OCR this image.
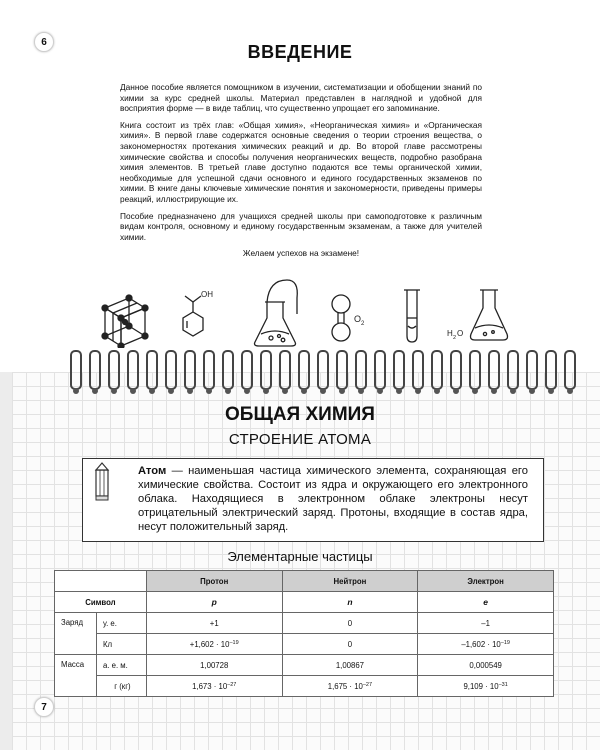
6	ВВЕДЕНИЕ

Данное пособие является помощником в изучении, систематизации и обобщении знаний по химии за курс средней школы. Материал представлен в наглядной и удобной для восприятия форме — в виде таблиц, что существенно упрощает его запоминание.

Книга состоит из трёх глав: «Общая химия», «Неорганическая химия» и «Органическая химия». В первой главе содержатся основные сведения о теории строения вещества, о закономерностях протекания химических реакций и др. Во второй главе рассмотрены химические свойства и способы получения неорганических веществ, подробно разобрана химия элементов. В третьей главе доступно подаются все темы органической химии, необходимые для успешной сдачи основного и единого государственных экзаменов по химии. В книге даны ключевые химические понятия и закономерности, приведены примеры реакций, иллюстрирующие их.

Пособие предназначено для учащихся средней школы при самоподготовке к различным видам контроля, основному и единому государственным экзаменам, а также для учителей химии.

Желаем успехов на экзамене!

OH
O 2
H 2 O
7
ОБЩАЯ ХИМИЯ
СТРОЕНИЕ АТОМА
Атом — наименьшая частица химического элемента, сохраняющая его химические свойства. Состоит из ядра и окружающего его электронного облака. Находящиеся в электронном облаке электроны несут отрицательный электрический заряд. Протоны, входящие в состав ядра, несут положительный заряд.
Элементарные частицы
		Протон	Нейтрон	Электрон
Символ		p	n	e
Заряд	у. е.	+1	0	–1
	Кл	$+1,602 \cdot 10^{-19}$	0	$-1,602 \cdot 10^{-19}$
Масса	а. е. м.	1,00728	1,00867	0,000549
	г (кг)	$1,673 \cdot 10^{-27}$	$1,675 \cdot 10^{-27}$	$9,109 \cdot 10^{-31}$
